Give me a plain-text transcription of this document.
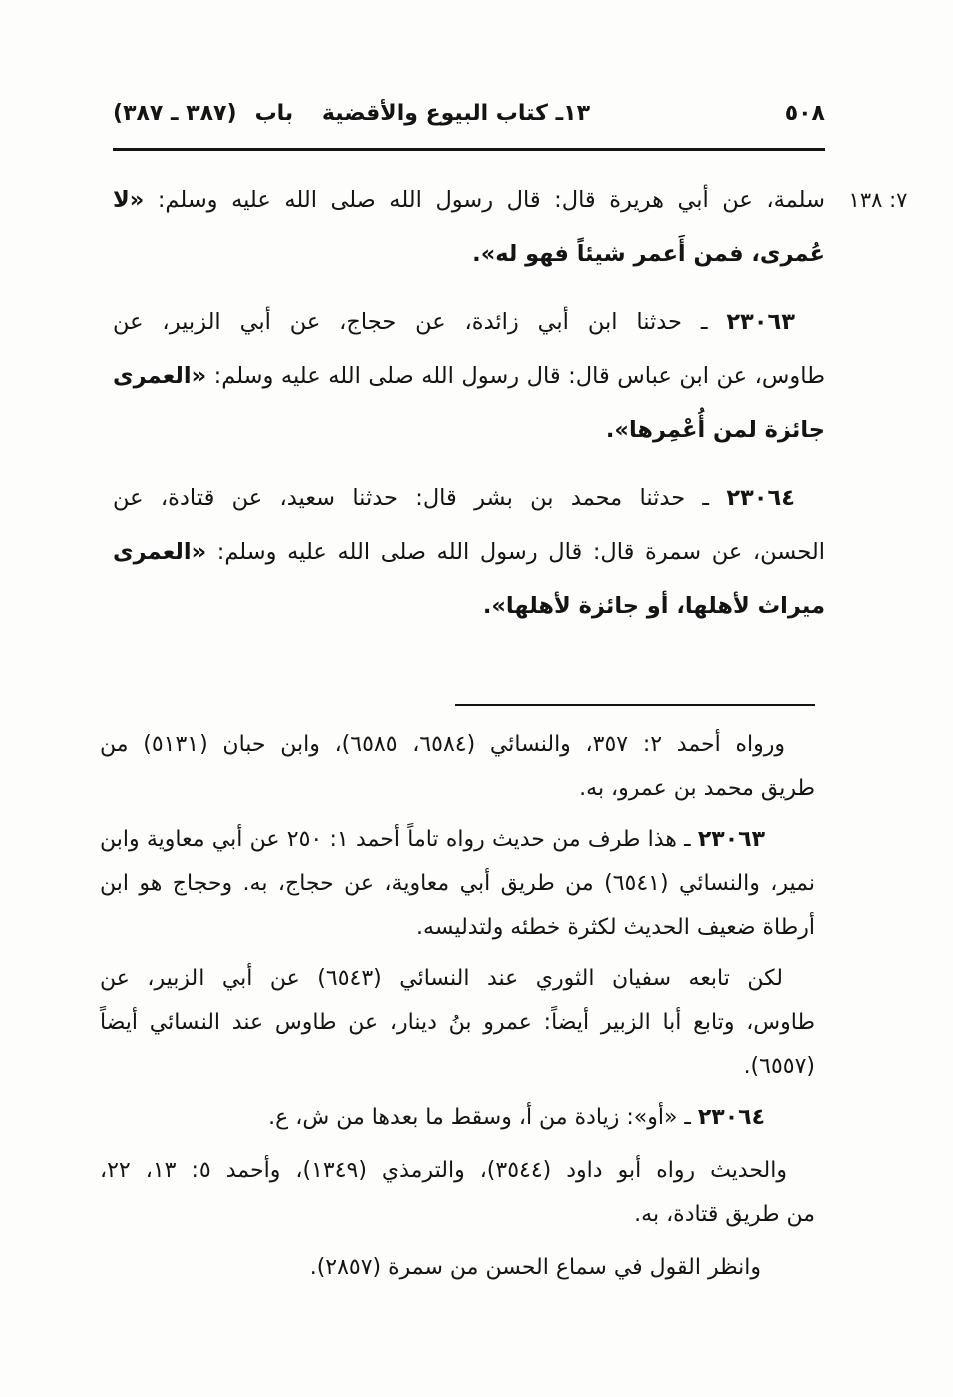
٥٠٨
١٣ـ كتاب البيوع والأقضية
باب(٣٨٧ ـ ٣٨٧)
٧: ١٣٨
سلمة، عن أبي هريرة قال: قال رسول الله صلى الله عليه وسلم: «لا
عُمرى، فمن أَعمر شيئاً فهو له».
٢٣٠٦٣ ـ حدثنا ابن أبي زائدة، عن حجاج، عن أبي الزبير، عن
طاوس، عن ابن عباس قال: قال رسول الله صلى الله عليه وسلم: «العمرى
جائزة لمن أُعْمِرها».
٢٣٠٦٤ ـ حدثنا محمد بن بشر قال: حدثنا سعيد، عن قتادة، عن
الحسن، عن سمرة قال: قال رسول الله صلى الله عليه وسلم: «العمرى
ميراث لأهلها، أو جائزة لأهلها».
ورواه أحمد ٢: ٣٥٧، والنسائي (٦٥٨٤، ٦٥٨٥)، وابن حبان (٥١٣١) من
طريق محمد بن عمرو، به.
٢٣٠٦٣ ـ هذا طرف من حديث رواه تاماً أحمد ١: ٢٥٠ عن أبي معاوية وابن
نمير، والنسائي (٦٥٤١) من طريق أبي معاوية، عن حجاج، به. وحجاج هو ابن
أرطاة ضعيف الحديث لكثرة خطئه ولتدليسه.
لكن تابعه سفيان الثوري عند النسائي (٦٥٤٣) عن أبي الزبير، عن
طاوس، وتابع أبا الزبير أيضاً: عمرو بنُ دينار، عن طاوس عند النسائي أيضاً
(٦٥٥٧).
٢٣٠٦٤ ـ «أو»: زيادة من أ، وسقط ما بعدها من ش، ع.
والحديث رواه أبو داود (٣٥٤٤)، والترمذي (١٣٤٩)، وأحمد ٥: ١٣، ٢٢،
من طريق قتادة، به.
وانظر القول في سماع الحسن من سمرة (٢٨٥٧).
